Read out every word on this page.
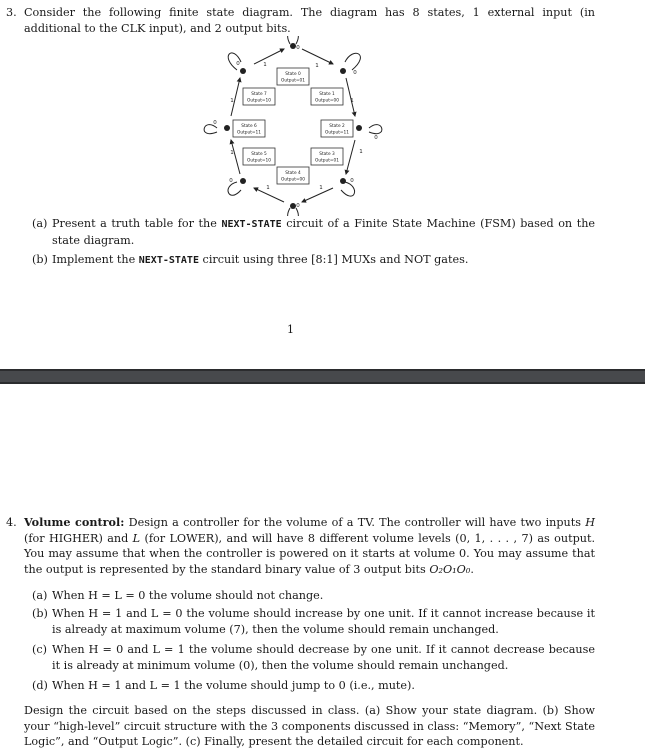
3. Consider the following finite state diagram. The diagram has 8 states, 1 external input (in additional to the CLK input), and 2 output bits.
State 0
Output=01
State 1
Output=00
State 2
Output=11
State 3
Output=01
State 4
Output=00
State 5
Output=10
State 6
Output=11
State 7
Output=10
0
0
0
0
0
0
0
0	1	1
1
1
1
1
1
1
(a) Present a truth table for the NEXT-STATE circuit of a Finite State Machine (FSM) based on the state diagram.
(b) Implement the NEXT-STATE circuit using three [8:1] MUXs and NOT gates.
1
4. Volume control: Design a controller for the volume of a TV. The controller will have two inputs H (for HIGHER) and L (for LOWER), and will have 8 different volume levels (0, 1, . . . , 7) as output. You may assume that when the controller is powered on it starts at volume 0. You may assume that the output is represented by the standard binary value of 3 output bits O₂O₁O₀.
(a) When H = L = 0 the volume should not change.
(b) When H = 1 and L = 0 the volume should increase by one unit. If it cannot increase because it is already at maximum volume (7), then the volume should remain unchanged.
(c) When H = 0 and L = 1 the volume should decrease by one unit. If it cannot decrease because it is already at minimum volume (0), then the volume should remain unchanged.
(d) When H = 1 and L = 1 the volume should jump to 0 (i.e., mute).
Design the circuit based on the steps discussed in class. (a) Show your state diagram. (b) Show your “high-level” circuit structure with the 3 components discussed in class: “Memory”, “Next State Logic”, and “Output Logic”. (c) Finally, present the detailed circuit for each component.
